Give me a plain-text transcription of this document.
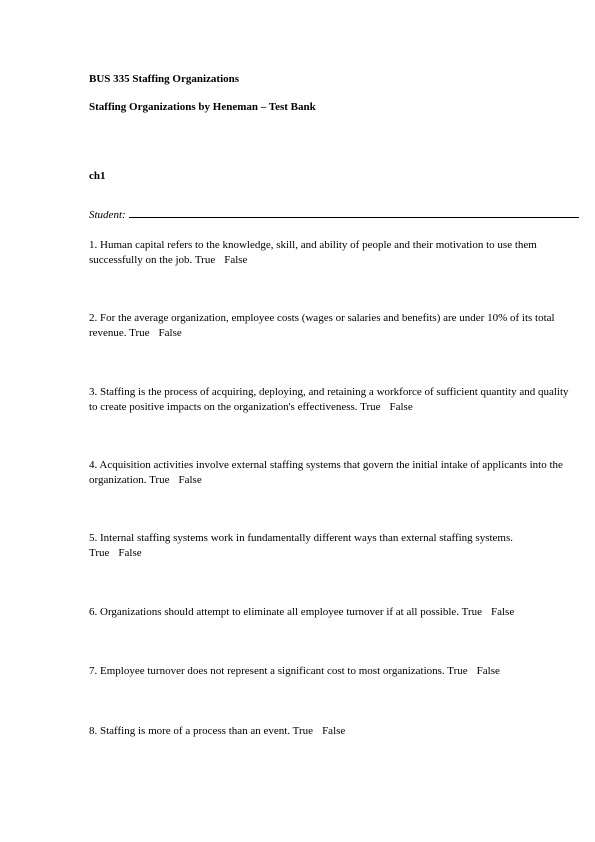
BUS 335 Staffing Organizations
Staffing Organizations by Heneman – Test Bank
ch1
Student:
1. Human capital refers to the knowledge, skill, and ability of people and their motivation to use them
successfully on the job. True False
2. For the average organization, employee costs (wages or salaries and benefits) are under 10% of its total
revenue. True False
3. Staffing is the process of acquiring, deploying, and retaining a workforce of sufficient quantity and quality
to create positive impacts on the organization's effectiveness. True False
4. Acquisition activities involve external staffing systems that govern the initial intake of applicants into the
organization. True False
5. Internal staffing systems work in fundamentally different ways than external staffing systems.
True False
6. Organizations should attempt to eliminate all employee turnover if at all possible. True False
7. Employee turnover does not represent a significant cost to most organizations. True False
8. Staffing is more of a process than an event. True False
